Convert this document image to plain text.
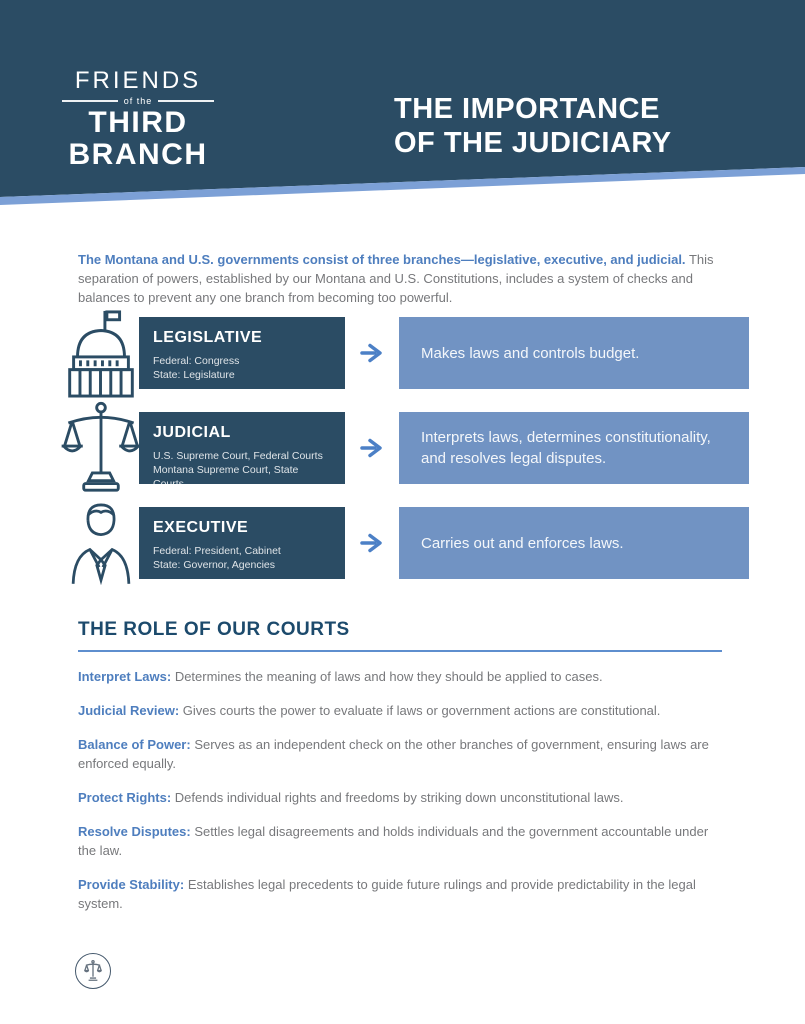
FRIENDS
of the
THIRD
BRANCH
THE IMPORTANCE
OF THE JUDICIARY

The Montana and U.S. governments consist of three branches—legislative, executive, and judicial. This separation of powers, established by our Montana and U.S. Constitutions, includes a system of checks and balances to prevent any one branch from becoming too powerful.

LEGISLATIVE
Federal: Congress
State: Legislature
Makes laws and controls budget.
JUDICIAL
U.S. Supreme Court, Federal Courts
Montana Supreme Court, State Courts
Interprets laws, determines constitutionality, and resolves legal disputes.
EXECUTIVE
Federal: President, Cabinet
State: Governor, Agencies
Carries out and enforces laws.
THE ROLE OF OUR COURTS

Interpret Laws: Determines the meaning of laws and how they should be applied to cases.

Judicial Review: Gives courts the power to evaluate if laws or government actions are constitutional.

Balance of Power: Serves as an independent check on the other branches of government, ensuring laws are enforced equally.

Protect Rights: Defends individual rights and freedoms by striking down unconstitutional laws.

Resolve Disputes: Settles legal disagreements and holds individuals and the government accountable under the law.

Provide Stability: Establishes legal precedents to guide future rulings and provide predictability in the legal system.
